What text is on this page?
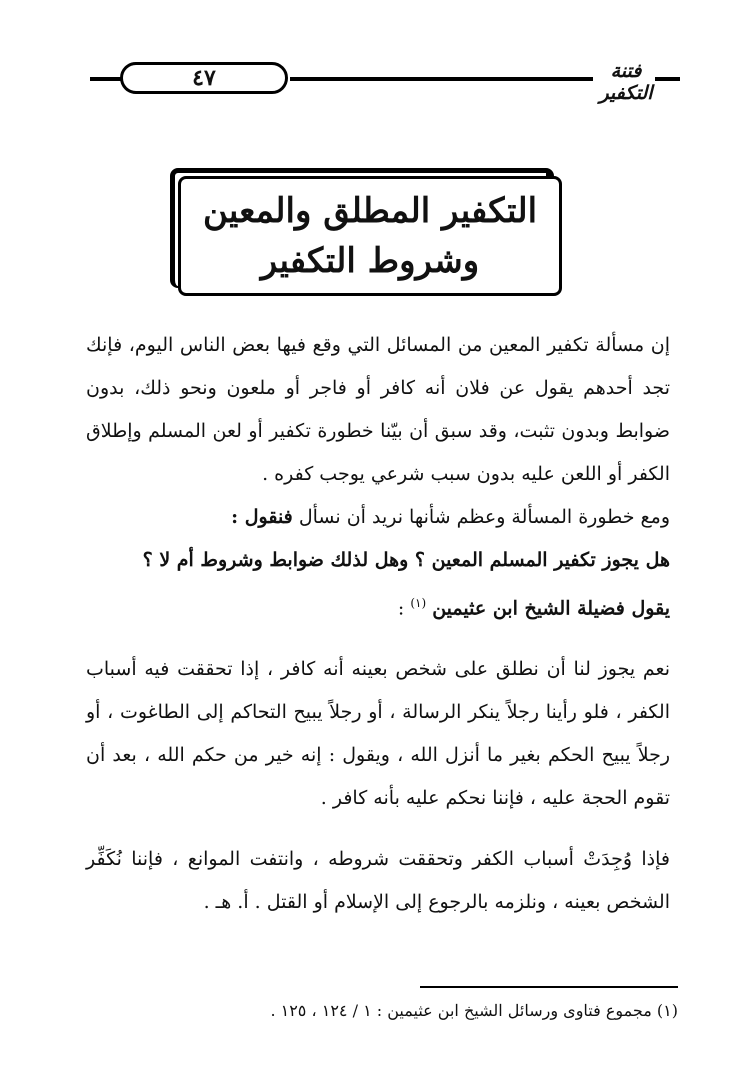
٤٧	فتنة التكفير
التكفير المطلق والمعين
وشروط التكفير

إن مسألة تكفير المعين من المسائل التي وقع فيها بعض الناس اليوم، فإنك تجد أحدهم يقول عن فلان أنه كافر أو فاجر أو ملعون ونحو ذلك، بدون ضوابط وبدون تثبت، وقد سبق أن بيّنا خطورة تكفير أو لعن المسلم وإطلاق الكفر أو اللعن عليه بدون سبب شرعي يوجب كفره .

ومع خطورة المسألة وعظم شأنها نريد أن نسأل فنقول :

هل يجوز تكفير المسلم المعين ؟ وهل لذلك ضوابط وشروط أم لا ؟

يقول فضيلة الشيخ ابن عثيمين $^{(١)}$ :

نعم يجوز لنا أن نطلق على شخص بعينه أنه كافر ، إذا تحققت فيه أسباب الكفر ، فلو رأينا رجلاً ينكر الرسالة ، أو رجلاً يبيح التحاكم إلى الطاغوت ، أو رجلاً يبيح الحكم بغير ما أنزل الله ، ويقول : إنه خير من حكم الله ، بعد أن تقوم الحجة عليه ، فإننا نحكم عليه بأنه كافر .

فإذا وُجِدَتْ أسباب الكفر وتحققت شروطه ، وانتفت الموانع ، فإننا نُكَفِّر الشخص بعينه ، ونلزمه بالرجوع إلى الإسلام أو القتل . أ. هـ .

(١) مجموع فتاوى ورسائل الشيخ ابن عثيمين : ١ / ١٢٤ ، ١٢٥ .
